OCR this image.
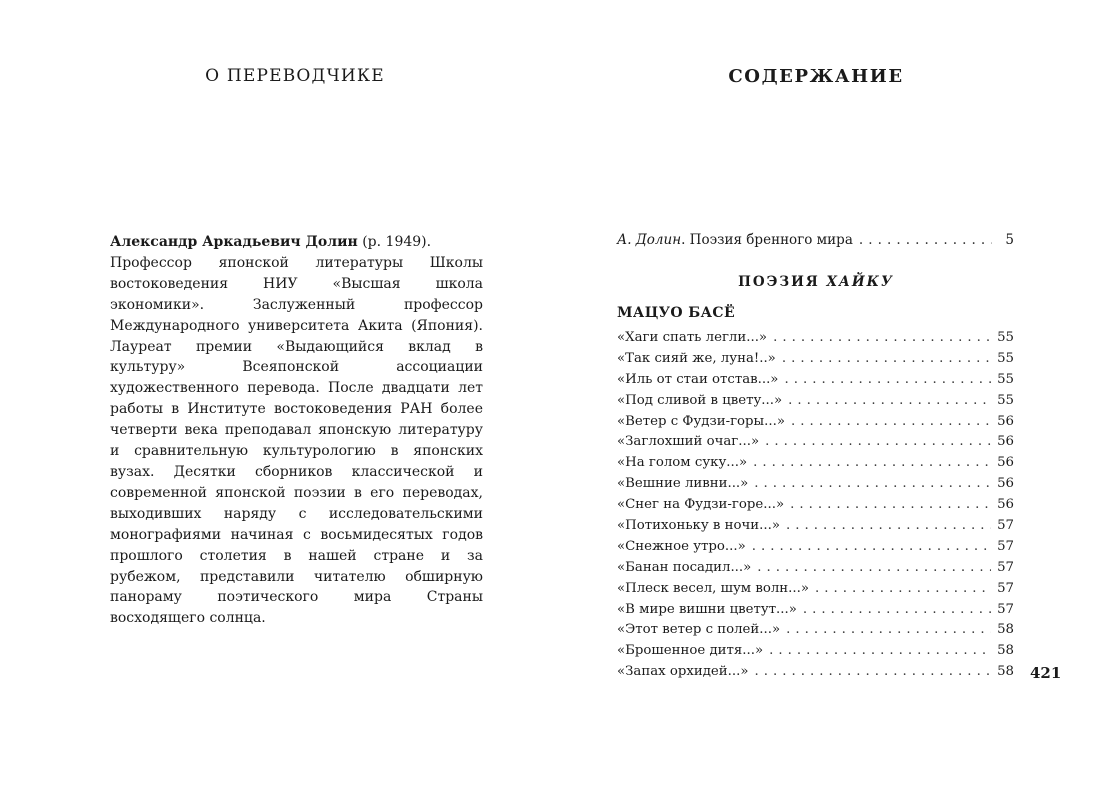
О ПЕРЕВОДЧИКЕ

Александр Аркадьевич Долин (р. 1949).
Профессор японской литературы Школы востоковедения НИУ «Высшая школа экономики». Заслуженный профессор Международного университета Акита (Япония). Лауреат премии «Выдающийся вклад в культуру» Всеяпонской ассоциации художественного перевода. После двадцати лет работы в Институте востоковедения РАН более четверти века преподавал японскую литературу и сравнительную культурологию в японских вузах. Десятки сборников классической и современной японской поэзии в его переводах, выходивших наряду с исследовательскими монографиями начиная с восьмидесятых годов прошлого столетия в нашей стране и за рубежом, представили читателю обширную панораму поэтического мира Страны восходящего солнца.

СОДЕРЖАНИЕ
А. Долин . Поэзия бренного мира . . .	5
ПОЭЗИЯ ХАЙКУ
МАЦУО БАСЁ
«Хаги спать легли...» . . .	55
«Так сияй же, луна!..» . . .	55
«Иль от стаи отстав...» . . .	55
«Под сливой в цвету...» . . .	55
«Ветер с Фудзи-горы...» . . .	56
«Заглохший очаг...» . . .	56
«На голом суку...» . . .	56
«Вешние ливни...» . . .	56
«Снег на Фудзи-горе...» . . .	56
«Потихоньку в ночи...» . . .	57
«Снежное утро...» . . .	57
«Банан посадил...» . . .	57
«Плеск весел, шум волн...» . . .	57
«В мире вишни цветут...» . . .	57
«Этот ветер с полей...» . . .	58
«Брошенное дитя...» . . .	58
«Запах орхидей...» . . .	58 421
